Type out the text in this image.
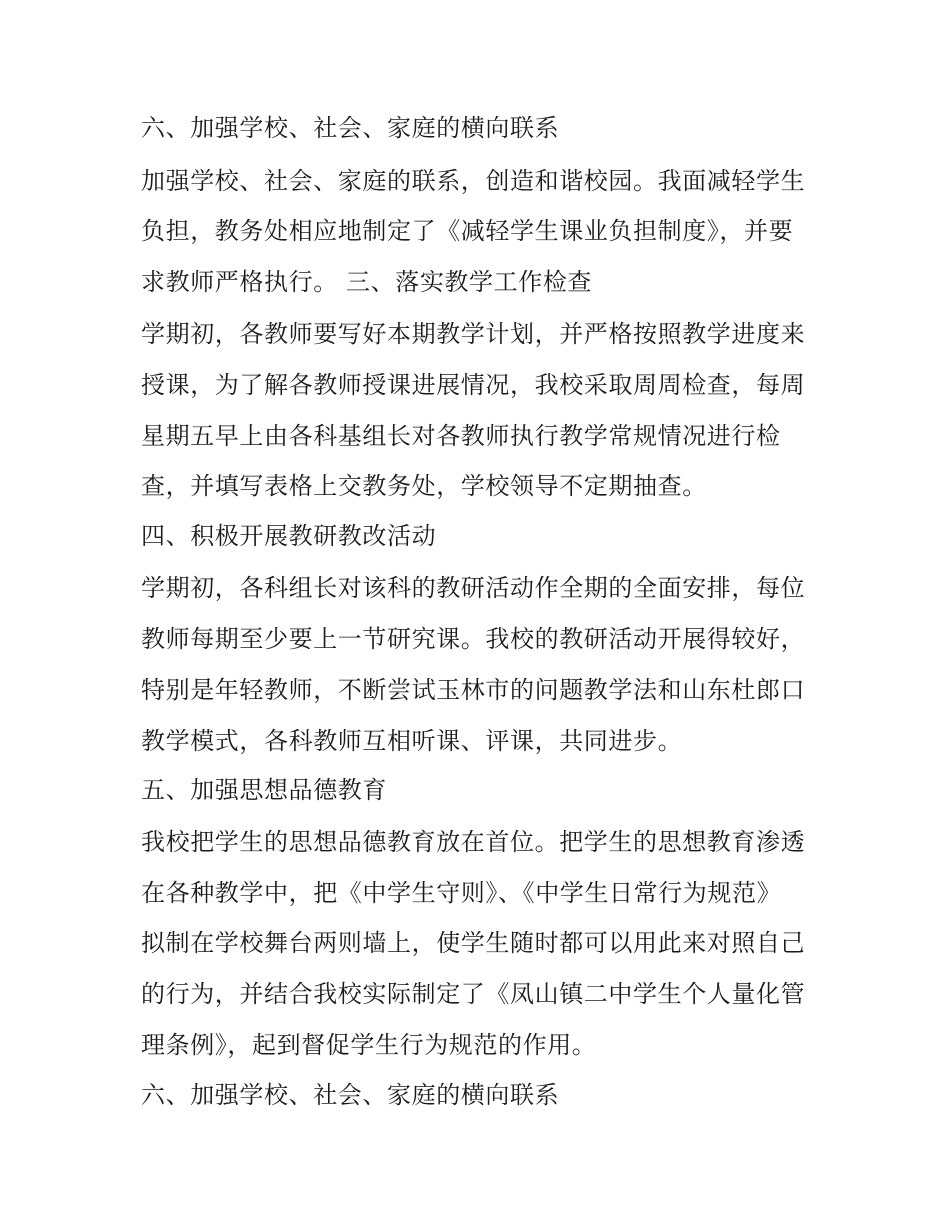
六、加强学校、社会、家庭的横向联系
加强学校、社会、家庭的联系，创造和谐校园。我面减轻学生
负担，教务处相应地制定了《减轻学生课业负担制度》，并要
求教师严格执行。 三、落实教学工作检查
学期初，各教师要写好本期教学计划，并严格按照教学进度来
授课，为了解各教师授课进展情况，我校采取周周检查，每周
星期五早上由各科基组长对各教师执行教学常规情况进行检
查，并填写表格上交教务处，学校领导不定期抽查。
四、积极开展教研教改活动
学期初，各科组长对该科的教研活动作全期的全面安排，每位
教师每期至少要上一节研究课。我校的教研活动开展得较好，
特别是年轻教师，不断尝试玉林市的问题教学法和山东杜郎口
教学模式，各科教师互相听课、评课，共同进步。
五、加强思想品德教育
我校把学生的思想品德教育放在首位。把学生的思想教育渗透
在各种教学中，把《中学生守则》、《中学生日常行为规范》
拟制在学校舞台两则墙上，使学生随时都可以用此来对照自己
的行为，并结合我校实际制定了《凤山镇二中学生个人量化管
理条例》，起到督促学生行为规范的作用。
六、加强学校、社会、家庭的横向联系
